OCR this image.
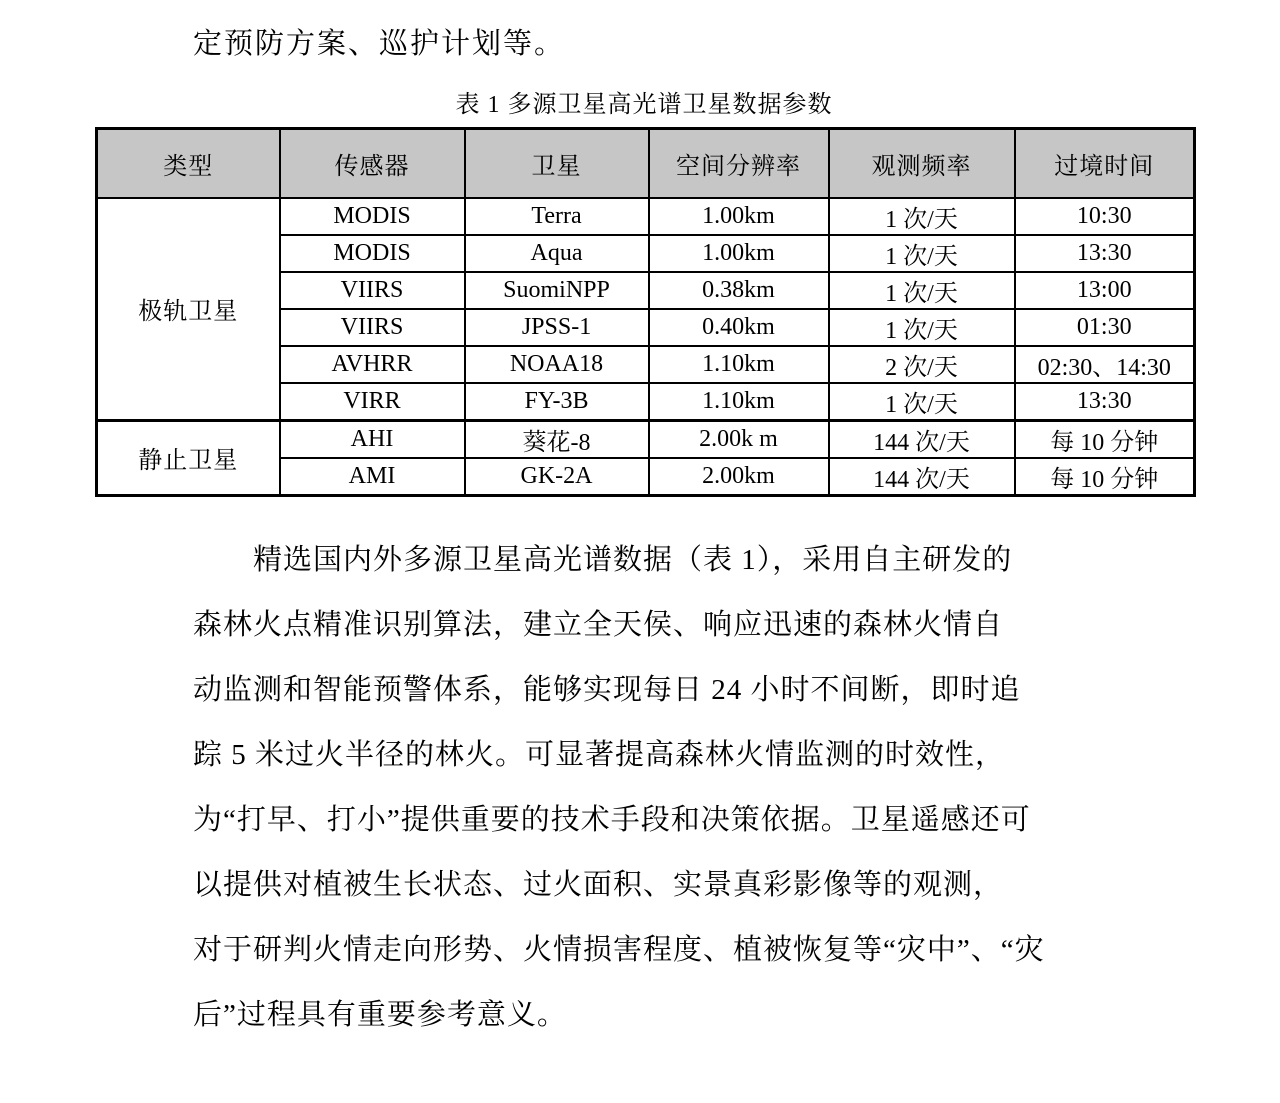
定预防方案、巡护计划等。
表 1 多源卫星高光谱卫星数据参数
类型	传感器	卫星	空间分辨率	观测频率	过境时间
极轨卫星	MODIS	Terra	1.00km	1 次/天	10:30
	MODIS	Aqua	1.00km	1 次/天	13:30
	VIIRS	SuomiNPP	0.38km	1 次/天	13:00
	VIIRS	JPSS-1	0.40km	1 次/天	01:30
	AVHRR	NOAA18	1.10km	2 次/天	02:30、14:30
	VIRR	FY-3B	1.10km	1 次/天	13:30
静止卫星	AHI	葵花-8	2.00k m	144 次/天	每 10 分钟
	AMI	GK-2A	2.00km	144 次/天	每 10 分钟
精选国内外多源卫星高光谱数据（表 1），采用自主研发的
森林火点精准识别算法，建立全天侯、响应迅速的森林火情自
动监测和智能预警体系，能够实现每日 24 小时不间断，即时追
踪 5 米过火半径的林火。可显著提高森林火情监测的时效性，
为“打早、打小”提供重要的技术手段和决策依据。卫星遥感还可
以提供对植被生长状态、过火面积、实景真彩影像等的观测，
对于研判火情走向形势、火情损害程度、植被恢复等“灾中”、“灾
后”过程具有重要参考意义。
